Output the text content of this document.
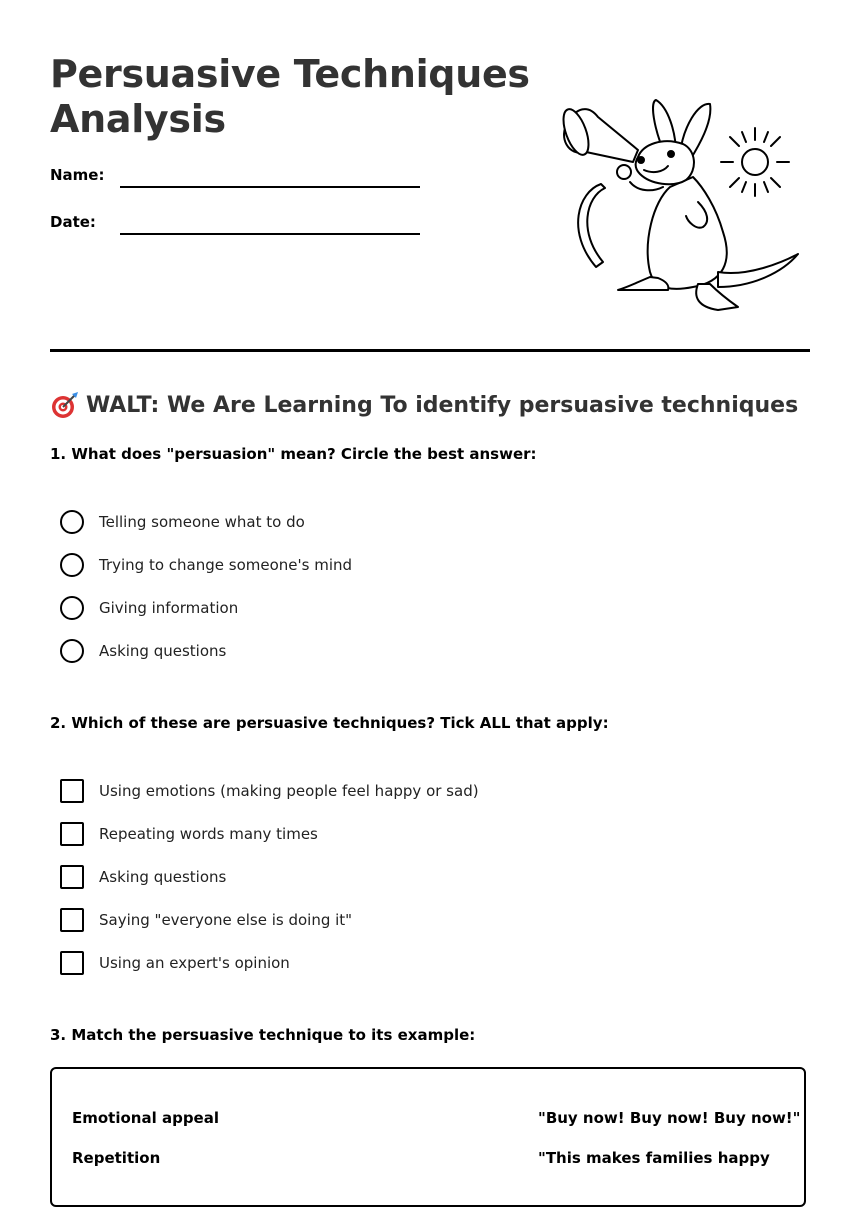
Persuasive Techniques
Analysis
Name:
Date:
WALT: We Are Learning To identify persuasive techniques

1. What does "persuasion" mean? Circle the best answer:

Telling someone what to do
Trying to change someone's mind
Giving information
Asking questions

2. Which of these are persuasive techniques? Tick ALL that apply:

Using emotions (making people feel happy or sad)
Repeating words many times
Asking questions
Saying "everyone else is doing it"
Using an expert's opinion

3. Match the persuasive technique to its example:

Emotional appeal	"Buy now! Buy now! Buy now!"
Repetition	"This makes families happy
